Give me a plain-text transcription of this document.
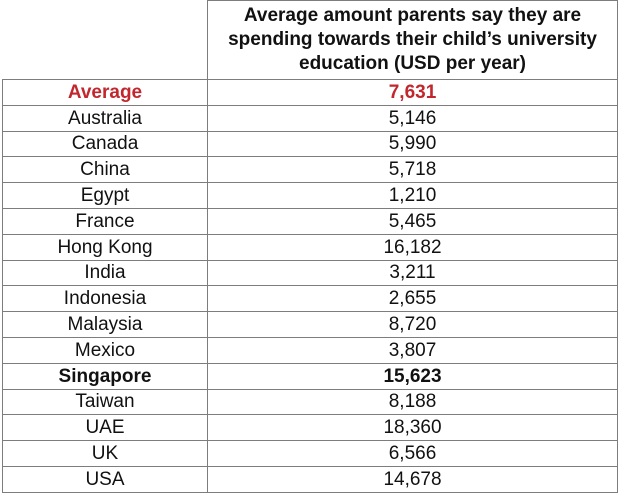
	Average amount parents say they are spending towards their child’s university education (USD per year)
Average	7,631
Australia	5,146
Canada	5,990
China	5,718
Egypt	1,210
France	5,465
Hong Kong	16,182
India	3,211
Indonesia	2,655
Malaysia	8,720
Mexico	3,807
Singapore	15,623
Taiwan	8,188
UAE	18,360
UK	6,566
USA	14,678
